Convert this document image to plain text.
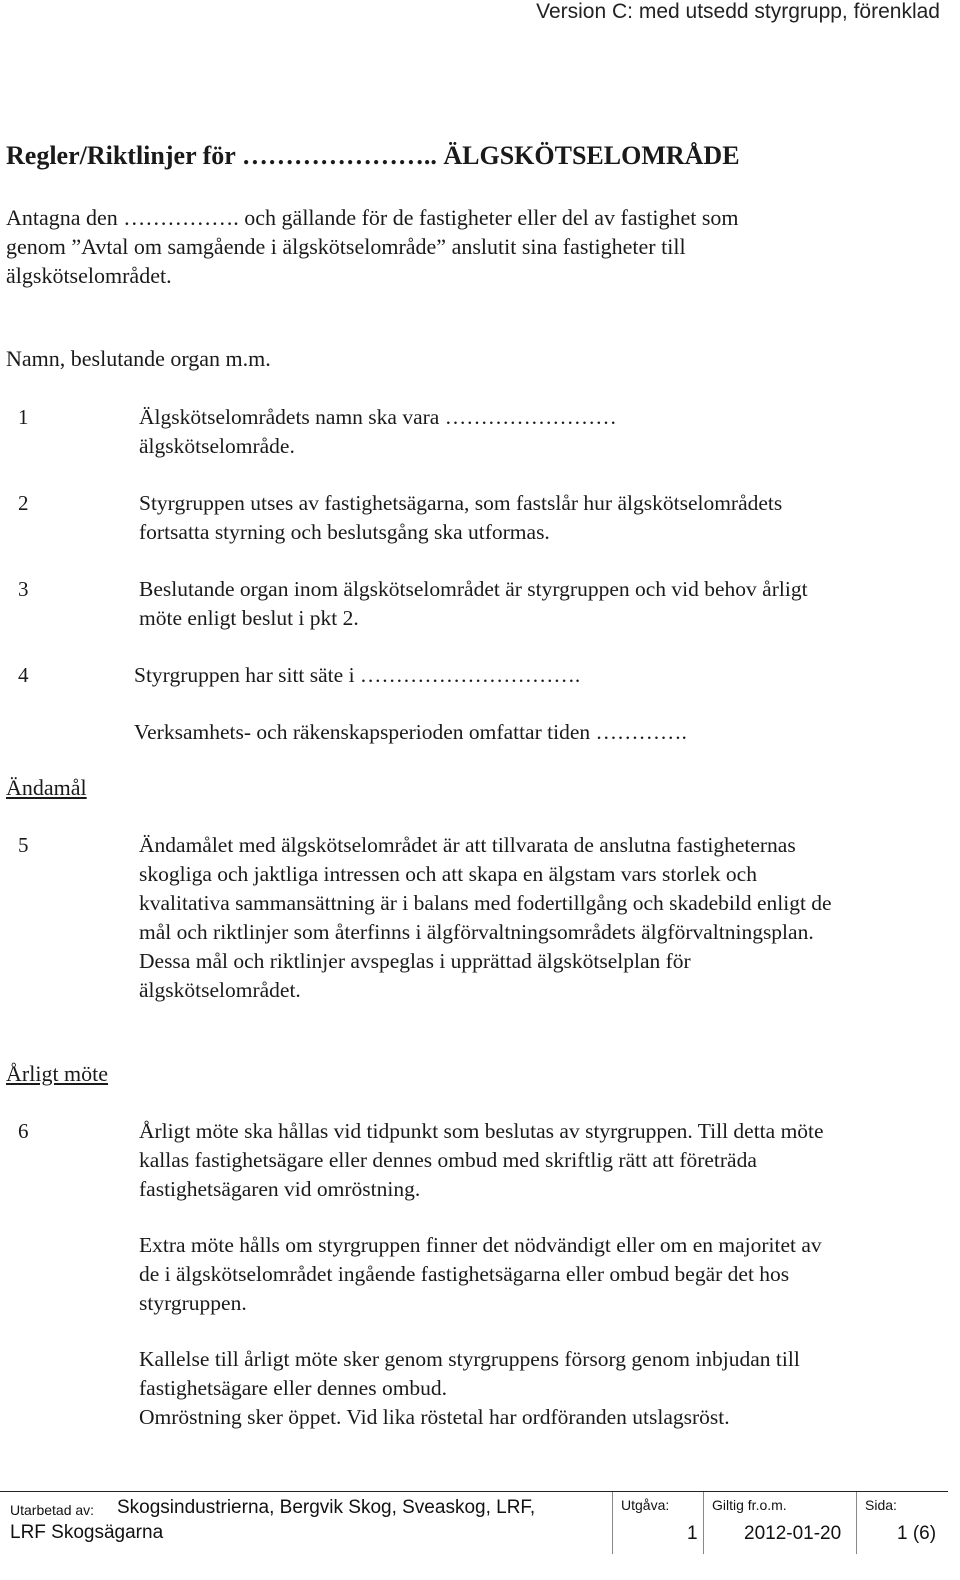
Version C: med utsedd styrgrupp, förenklad
Regler/Riktlinjer för ………………….. ÄLGSKÖTSELOMRÅDE
Antagna den ……………. och gällande för de fastigheter eller del av fastighet som
genom ”Avtal om samgående i älgskötselområde” anslutit sina fastigheter till
älgskötselområdet.
Namn, beslutande organ m.m.
1	Älgskötselområdets namn ska vara ……………………

älgskötselområde.

2	Styrgruppen utses av fastighetsägarna, som fastslår hur älgskötselområdets

fortsatta styrning och beslutsgång ska utformas.

3	Beslutande organ inom älgskötselområdet är styrgruppen och vid behov årligt

möte enligt beslut i pkt 2.

4	Styrgruppen har sitt säte i ………………………….
Verksamhets- och räkenskapsperioden omfattar tiden ………….
Ändamål
5	Ändamålet med älgskötselområdet är att tillvarata de anslutna fastigheternas

skogliga och jaktliga intressen och att skapa en älgstam vars storlek och

kvalitativa sammansättning är i balans med fodertillgång och skadebild enligt de

mål och riktlinjer som återfinns i älgförvaltningsområdets älgförvaltningsplan.

Dessa mål och riktlinjer avspeglas i upprättad älgskötselplan för

älgskötselområdet.

Årligt möte
6	Årligt möte ska hållas vid tidpunkt som beslutas av styrgruppen. Till detta möte

kallas fastighetsägare eller dennes ombud med skriftlig rätt att företräda

fastighetsägaren vid omröstning.

Extra möte hålls om styrgruppen finner det nödvändigt eller om en majoritet av

de i älgskötselområdet ingående fastighetsägarna eller ombud begär det hos

styrgruppen.

Kallelse till årligt möte sker genom styrgruppens försorg genom inbjudan till

fastighetsägare eller dennes ombud.

Omröstning sker öppet. Vid lika röstetal har ordföranden utslagsröst.

Utarbetad av: Skogsindustrierna, Bergvik Skog, Sveaskog, LRF,
LRF Skogsägarna
Utgåva:
1
Giltig fr.o.m.
2012-01-20
Sida:
1 (6)
